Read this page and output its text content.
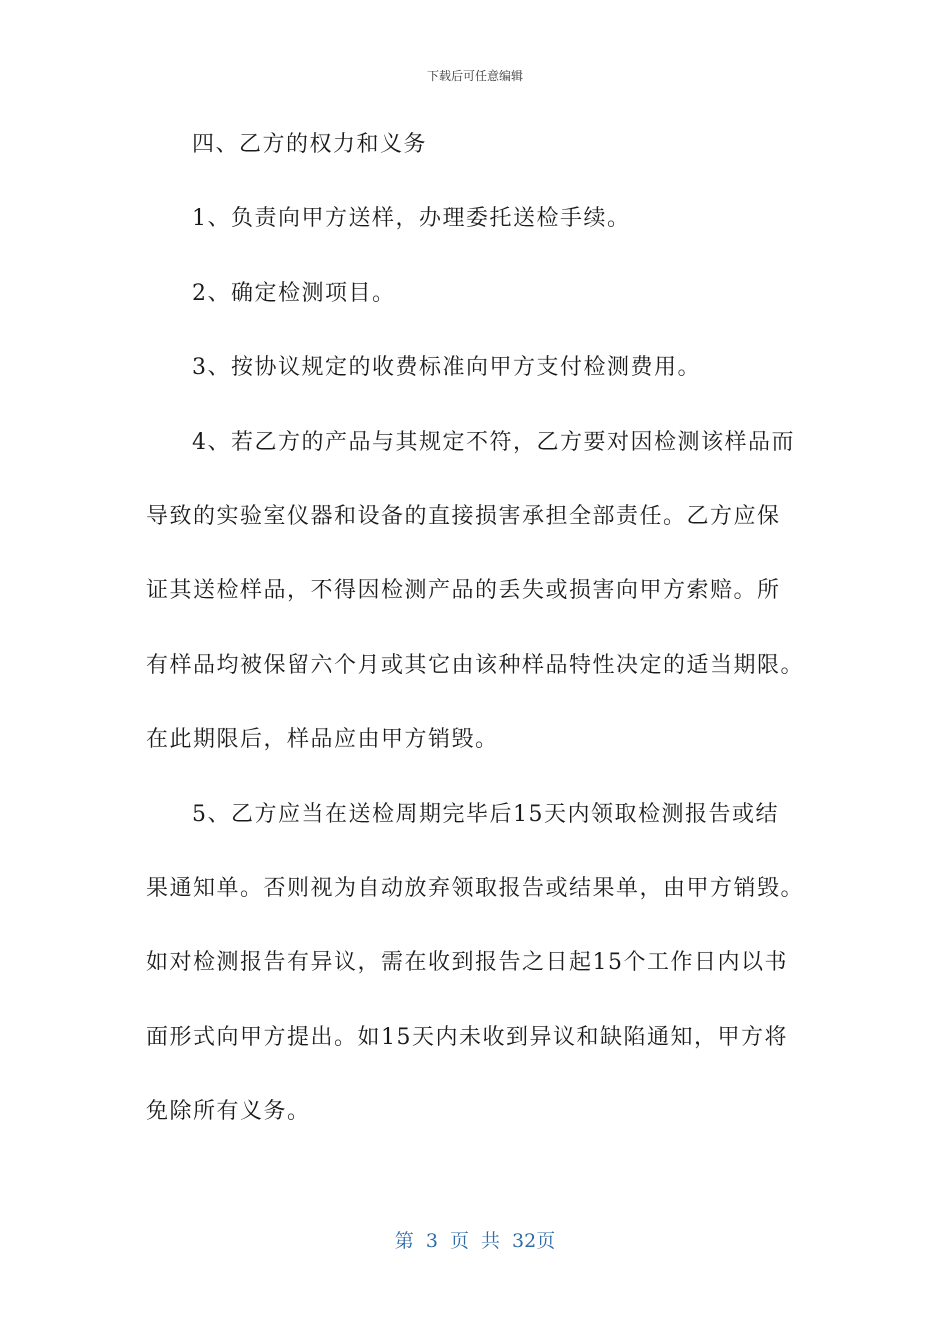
下载后可任意编辑
四、乙方的权力和义务

1、负责向甲方送样，办理委托送检手续。

2、确定检测项目。

3、按协议规定的收费标准向甲方支付检测费用。

4、若乙方的产品与其规定不符，乙方要对因检测该样品而

导致的实验室仪器和设备的直接损害承担全部责任。乙方应保

证其送检样品，不得因检测产品的丢失或损害向甲方索赔。所

有样品均被保留六个月或其它由该种样品特性决定的适当期限。

在此期限后，样品应由甲方销毁。

5、乙方应当在送检周期完毕后15天内领取检测报告或结

果通知单。否则视为自动放弃领取报告或结果单，由甲方销毁。

如对检测报告有异议，需在收到报告之日起15个工作日内以书

面形式向甲方提出。如15天内未收到异议和缺陷通知，甲方将

免除所有义务。
第 3 页 共 32页
